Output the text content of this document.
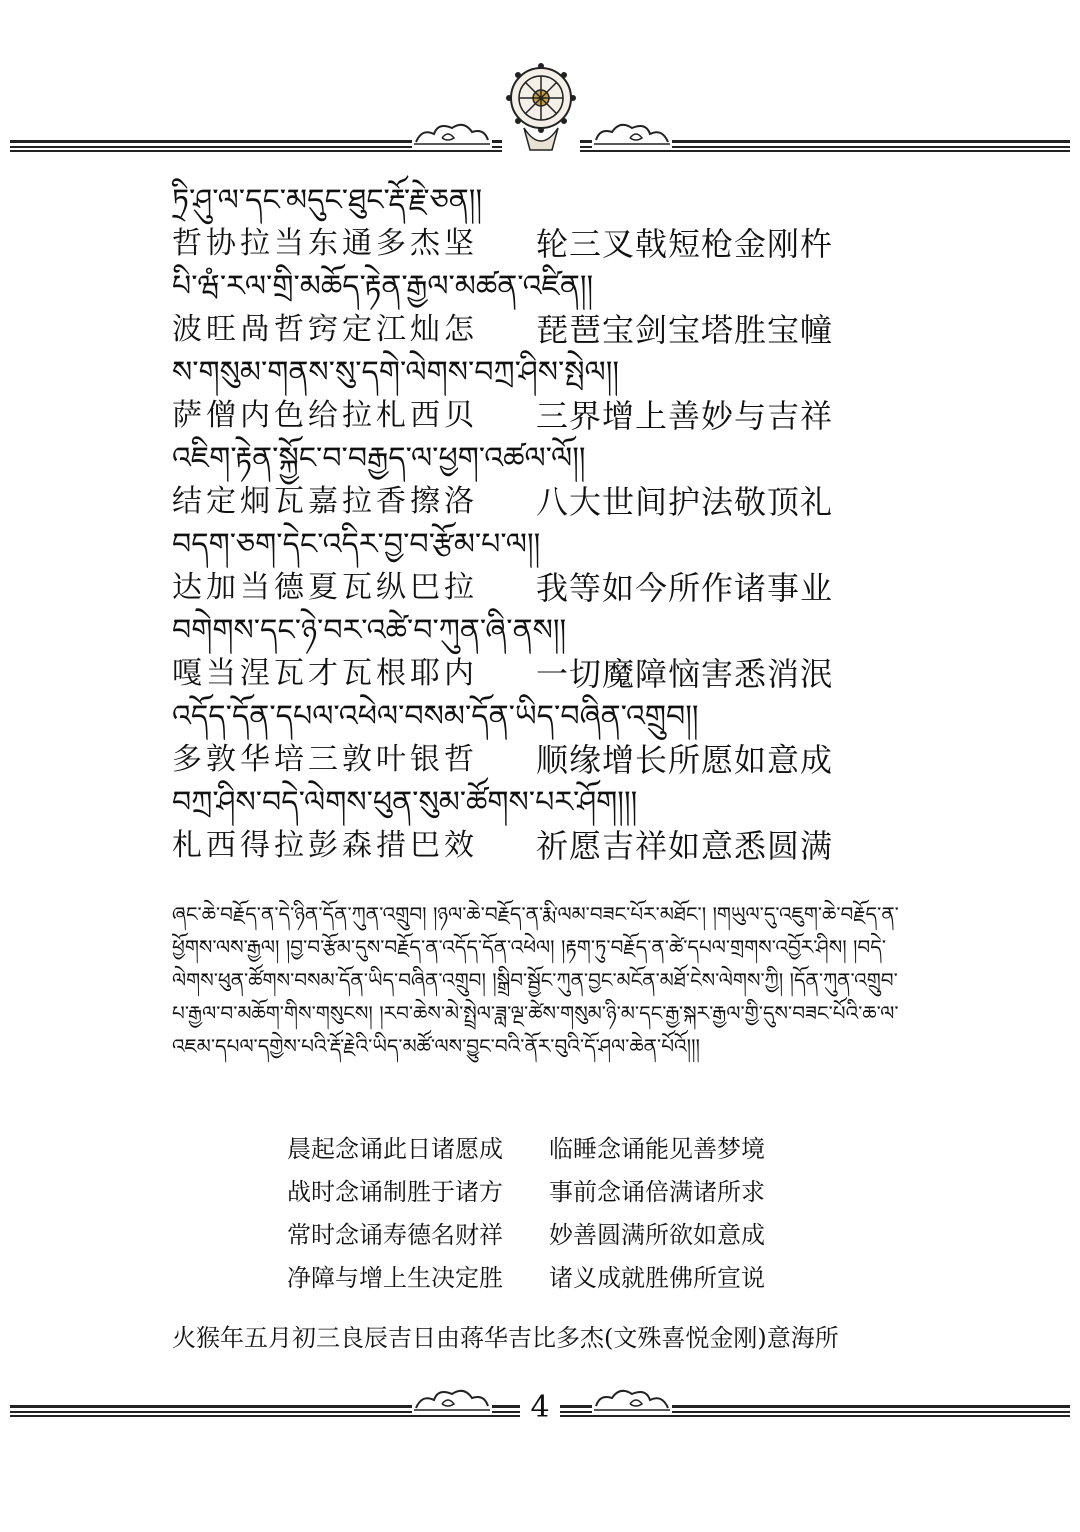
ཏྲི་ཤུ་ལ་དང་མདུང་ཐུང་རྡོ་རྗེ་ཅན།།
哲协拉当东通多杰坚 轮三叉戟短枪金刚杵
པི་ཝཾ་རལ་གྲི་མཆོད་རྟེན་རྒྱལ་མཚན་འཛིན།།
波旺咼哲窍定江灿怎 琵琶宝剑宝塔胜宝幢
ས་གསུམ་གནས་སུ་དགེ་ལེགས་བཀྲ་ཤིས་སྤེལ།།
萨僧内色给拉札西贝 三界增上善妙与吉祥
འཇིག་རྟེན་སྐྱོང་བ་བརྒྱད་ལ་ཕྱག་འཚལ་ལོ།།
结定炯瓦嘉拉香擦洛 八大世间护法敬顶礼
བདག་ཅག་དེང་འདིར་བྱ་བ་རྩོམ་པ་ལ།།
达加当德夏瓦纵巴拉 我等如今所作诸事业
བགེགས་དང་ཉེ་བར་འཚེ་བ་ཀུན་ཞི་ནས།།
嘎当涅瓦才瓦根耶内 一切魔障恼害悉消泯
འདོད་དོན་དཔལ་འཕེལ་བསམ་དོན་ཡིད་བཞིན་འགྲུབ།།
多敦华培三敦叶银哲 顺缘增长所愿如意成
བཀྲ་ཤིས་བདེ་ལེགས་ཕུན་སུམ་ཚོགས་པར་ཤོག།།།
札西得拉彭森措巴效 祈愿吉祥如意悉圆满
ཞང་ཆེ་བརྗོད་ན་དེ་ཉིན་དོན་ཀུན་འགྲུབ། །ཉལ་ཆེ་བརྗོད་ན་རྨི་ལམ་བཟང་པོར་མཐོང་། །གཡུལ་དུ་འཇུག་ཆེ་བརྗོད་ན་ཕྱོགས་ལས་རྒྱལ། །བྱ་བ་རྩོམ་དུས་བརྗོད་ན་འདོད་དོན་འཕེལ། །རྟག་ཏུ་བརྗོད་ན་ཚེ་དཔལ་གྲགས་འབྱོར་ཤིས། །བདེ་ལེགས་ཕུན་ཚོགས་བསམ་དོན་ཡིད་བཞིན་འགྲུབ། །སྒྲིབ་སྦྱོང་ཀུན་བྱང་མངོན་མཐོ་ངེས་ལེགས་ཀྱི། །དོན་ཀུན་འགྲུབ་པ་རྒྱལ་བ་མཆོག་གིས་གསུངས། །རབ་ཆེས་མེ་སྤྲེལ་ཟླ་ལྔ་ཚེས་གསུམ་ཉི་མ་དང་རྒྱ་སྐར་རྒྱལ་གྱི་དུས་བཟང་པོའི་ཆ་ལ་འཇམ་དཔལ་དགྱེས་པའི་རྡོ་རྗེའི་ཡིད་མཚོ་ལས་བྱུང་བའི་ནོར་བུའི་དོ་ཤལ་ཆེན་པོའོ།།།
晨起念诵此日诸愿成 临睡念诵能见善梦境
战时念诵制胜于诸方 事前念诵倍满诸所求
常时念诵寿德名财祥 妙善圆满所欲如意成
净障与增上生决定胜 诸义成就胜佛所宣说
火猴年五月初三良辰吉日由蒋华吉比多杰(文殊喜悦金刚)意海所
4
